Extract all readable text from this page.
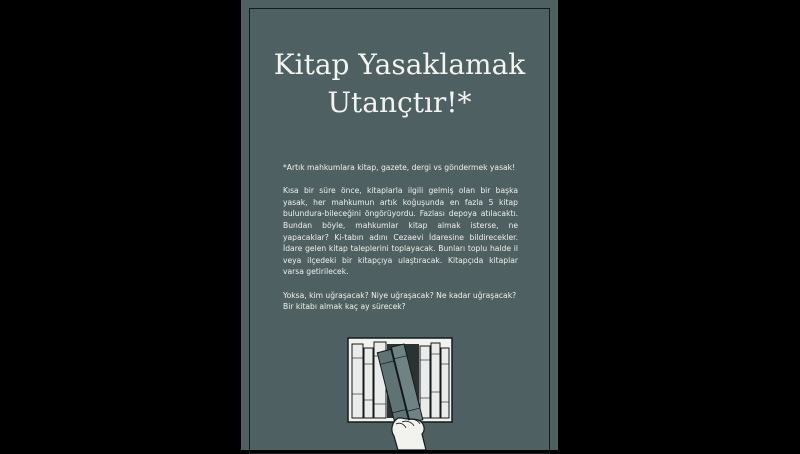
Kitap Yasaklamak
Utançtır!*

*Artık mahkumlara kitap, gazete, dergi vs göndermek yasak!

Kısa bir süre önce, kitaplarla ilgili gelmiş olan bir başka yasak, her mahkumun artık koğuşunda en fazla 5 kitap bulundura-bileceğini öngörüyordu. Fazlası depoya atılacaktı. Bundan böyle, mahkumlar kitap almak isterse, ne yapacaklar? Ki-tabın adını Cezaevi İdaresine bildirecekler. İdare gelen kitap taleplerini toplayacak. Bunları toplu halde il veya ilçedeki bir kitapçıya ulaştıracak. Kitapçıda kitaplar varsa getirilecek.

Yoksa, kim uğraşacak? Niye uğraşacak? Ne kadar uğraşacak? Bir kitabı almak kaç ay sürecek?
